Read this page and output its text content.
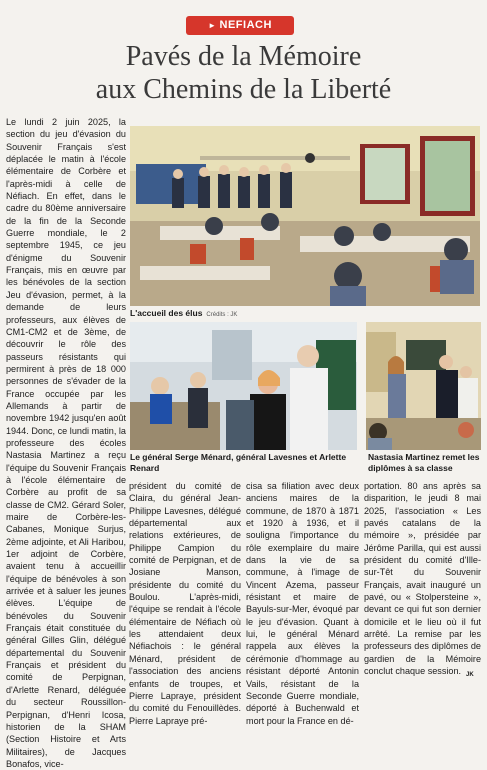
► NEFIACH
Pavés de la Mémoire
aux Chemins de la Liberté

Le lundi 2 juin 2025, la section du jeu d'évasion du Souvenir Français s'est déplacée le matin à l'école élémentaire de Corbère et l'après-midi à celle de Néfiach. En effet, dans le cadre du 80ème anniversaire de la fin de la Seconde Guerre mondiale, le 2 septembre 1945, ce jeu d'énigme du Souvenir Français, mis en œuvre par les bénévoles de la section Jeu d'évasion, permet, à la demande de leurs professeurs, aux élèves de CM1-CM2 et de 3ème, de découvrir le rôle des passeurs résistants qui permirent à près de 18 000 personnes de s'évader de la France occupée par les Allemands à partir de novembre 1942 jusqu'en août 1944. Donc, ce lundi matin, la professeure des écoles Nastasia Martinez a reçu l'équipe du Souvenir Français à l'école élémentaire de Corbère au profit de sa classe de CM2. Gérard Soler, maire de Corbère-les-Cabanes, Monique Surjus, 2ème adjointe, et Ali Haribou, 1er adjoint de Corbère, avaient tenu à accueillir l'équipe de bénévoles à son arrivée et à saluer les jeunes élèves. L'équipe de bénévoles du Souvenir Français était constituée du général Gilles Glin, délégué départemental du Souvenir Français et président du comité de Perpignan, d'Arlette Renard, déléguée du secteur Roussillon-Perpignan, d'Henri Icosa, historien de la SHAM (Section Histoire et Arts Militaires), de Jacques Bonafos, vice-

L'accueil des élus Crédits : JK
Le général Serge Ménard, général Lavesnes et Arlette Renard
Nastasia Martinez remet les diplômes à sa classe

président du comité de Claira, du général Jean-Philippe Lavesnes, délégué départemental aux relations extérieures, de Philippe Campion du comité de Perpignan, et de Josiane Manson, présidente du comité du Boulou. L'après-midi, l'équipe se rendait à l'école élémentaire de Néfiach où les attendaient deux Néfiachois : le général Ménard, président de l'association des anciens enfants de troupes, et Pierre Lapraye, président du comité du Fenouillèdes. Pierre Lapraye pré-

cisa sa filiation avec deux anciens maires de la commune, de 1870 à 1871 et 1920 à 1936, et il souligna l'importance du rôle exemplaire du maire dans la vie de sa commune, à l'image de Vincent Azema, passeur résistant et maire de Bayuls-sur-Mer, évoqué par le jeu d'évasion. Quant à lui, le général Ménard rappela aux élèves la cérémonie d'hommage au résistant déporté Antonin Vails, résistant de la Seconde Guerre mondiale, déporté à Buchenwald et mort pour la France en dé-

portation. 80 ans après sa disparition, le jeudi 8 mai 2025, l'association « Les pavés catalans de la mémoire », présidée par Jérôme Parilla, qui est aussi président du comité d'Ille-sur-Têt du Souvenir Français, avait inauguré un pavé, ou « Stolpersteine », devant ce qui fut son dernier domicile et le lieu où il fut arrêté. La remise par les professeurs des diplômes de gardien de la Mémoire conclut chaque session. JK
